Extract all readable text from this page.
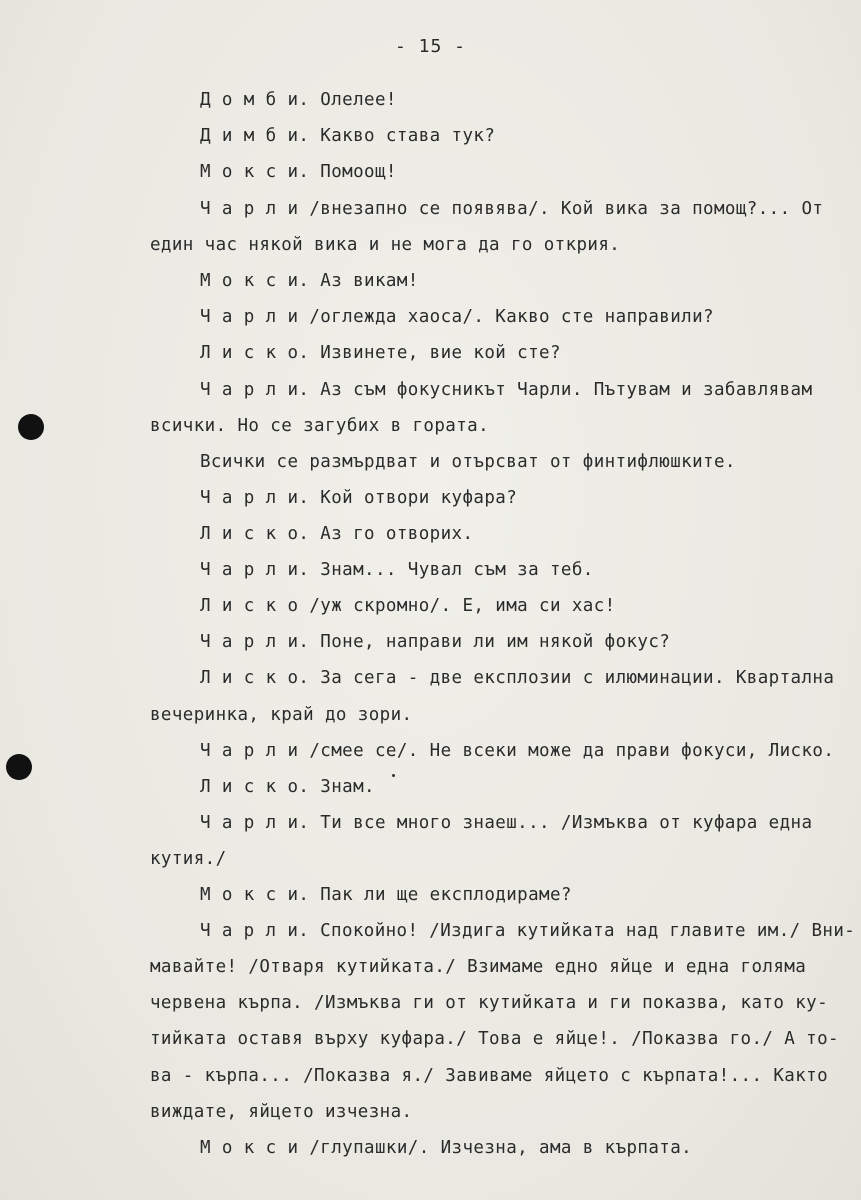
- 15 -
Д о м б и. Олелее!
Д и м б и. Какво става тук?
М о к с и. Помоощ!
Ч а р л и /внезапно се появява/. Кой вика за помощ?... От
един час някой вика и не мога да го открия.
М о к с и. Аз викам!
Ч а р л и /оглежда хаоса/. Какво сте направили?
Л и с к о. Извинете, вие кой сте?
Ч а р л и. Аз съм фокусникът Чарли. Пътувам и забавлявам
всички. Но се загубих в гората.
Всички се размърдват и отърсват от финтифлюшките.
Ч а р л и. Кой отвори куфара?
Л и с к о. Аз го отворих.
Ч а р л и. Знам... Чувал съм за теб.
Л и с к о /уж скромно/. Е, има си хас!
Ч а р л и. Поне, направи ли им някой фокус?
Л и с к о. За сега - две експлозии с илюминации. Квартална
вечеринка, край до зори.
Ч а р л и /смее се/. Не всеки може да прави фокуси, Лиско.
Л и с к о. Знам.
Ч а р л и. Ти все много знаеш... /Измъква от куфара една
кутия./
М о к с и. Пак ли ще експлодираме?
Ч а р л и. Спокойно! /Издига кутийката над главите им./ Вни-
мавайте! /Отваря кутийката./ Взимаме едно яйце и една голяма
червена кърпа. /Измъква ги от кутийката и ги показва, като ку-
тийката оставя върху куфара./ Това е яйце!. /Показва го./ А то-
ва - кърпа... /Показва я./ Завиваме яйцето с кърпата!... Както
виждате, яйцето изчезна.
М о к с и /глупашки/. Изчезна, ама в кърпата.
